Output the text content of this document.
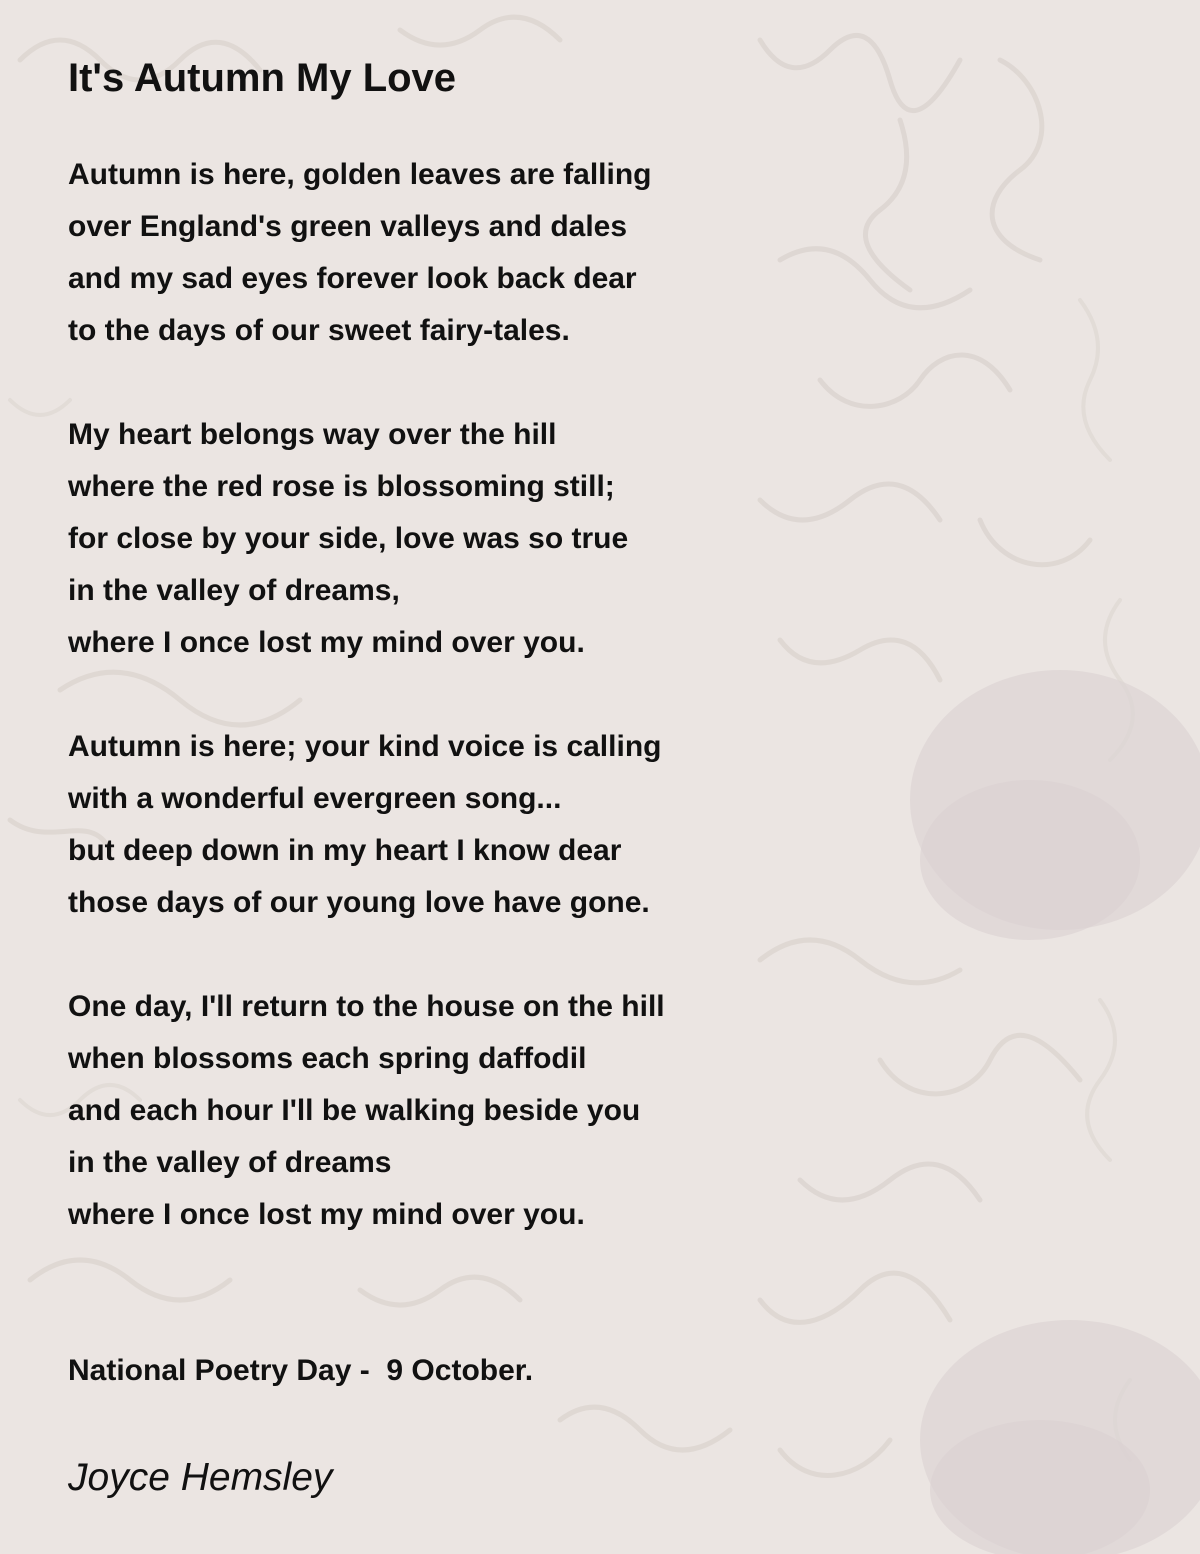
It's Autumn My Love
Autumn is here, golden leaves are falling
over England's green valleys and dales
and my sad eyes forever look back dear
to the days of our sweet fairy-tales.
My heart belongs way over the hill
where the red rose is blossoming still;
for close by your side, love was so true
in the valley of dreams,
where I once lost my mind over you.
Autumn is here; your kind voice is calling
with a wonderful evergreen song...
but deep down in my heart I know dear
those days of our young love have gone.
One day, I'll return to the house on the hill
when blossoms each spring daffodil
and each hour I'll be walking beside you
in the valley of dreams
where I once lost my mind over you.

National Poetry Day -  9 October.

Joyce Hemsley
